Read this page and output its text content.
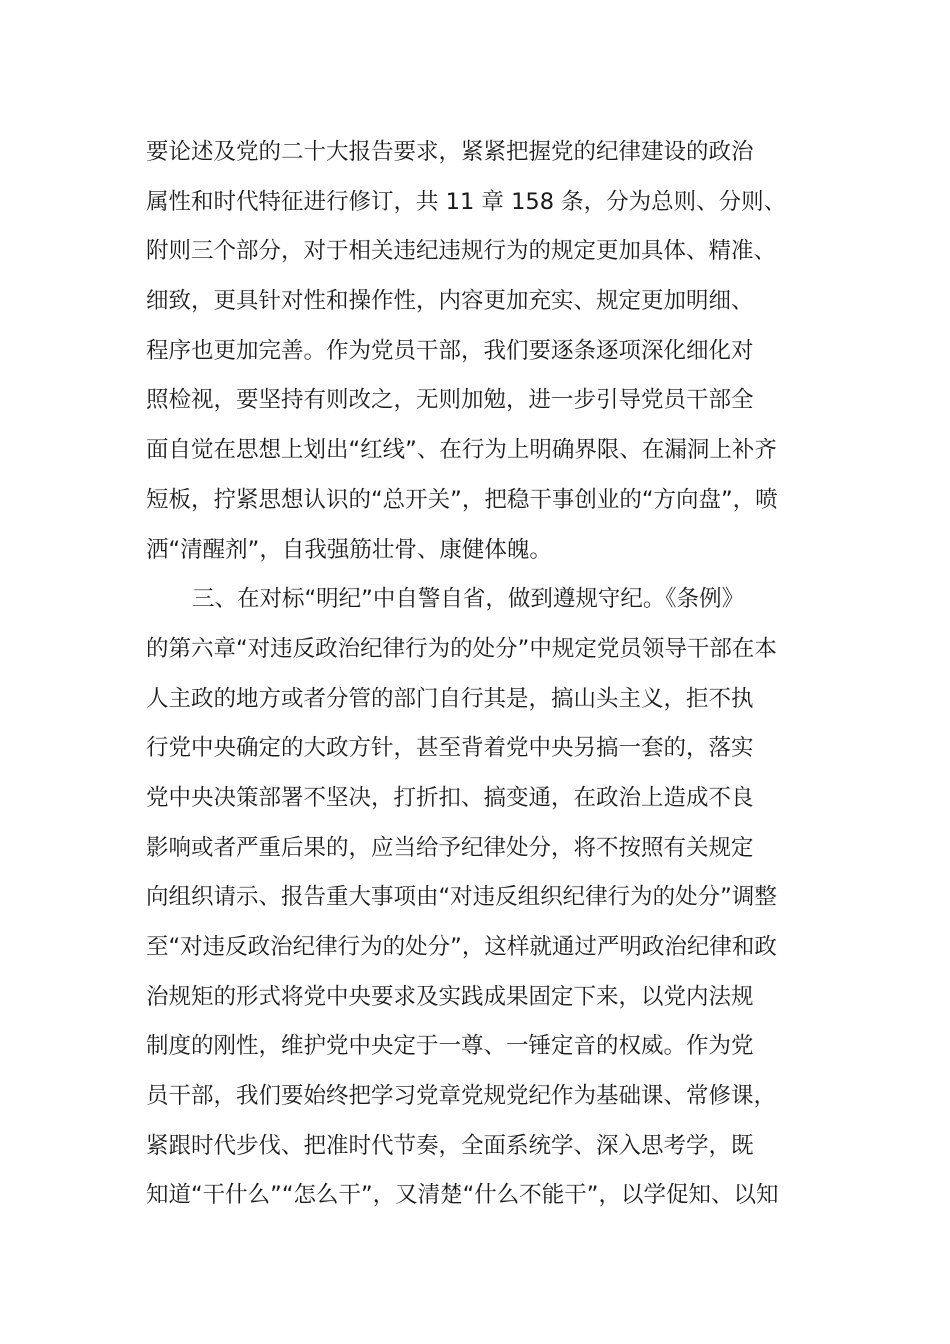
要论述及党的二十大报告要求，紧紧把握党的纪律建设的政治
属性和时代特征进行修订，共 11 章 158 条，分为总则、分则、
附则三个部分，对于相关违纪违规行为的规定更加具体、精准、
细致，更具针对性和操作性，内容更加充实、规定更加明细、
程序也更加完善。作为党员干部，我们要逐条逐项深化细化对
照检视，要坚持有则改之，无则加勉，进一步引导党员干部全
面自觉在思想上划出“红线”、在行为上明确界限、在漏洞上补齐
短板，拧紧思想认识的“总开关”，把稳干事创业的“方向盘”，喷
洒“清醒剂”，自我强筋壮骨、康健体魄。
三、在对标“明纪”中自警自省，做到遵规守纪。《条例》
的第六章“对违反政治纪律行为的处分”中规定党员领导干部在本
人主政的地方或者分管的部门自行其是，搞山头主义，拒不执
行党中央确定的大政方针，甚至背着党中央另搞一套的，落实
党中央决策部署不坚决，打折扣、搞变通，在政治上造成不良
影响或者严重后果的，应当给予纪律处分，将不按照有关规定
向组织请示、报告重大事项由“对违反组织纪律行为的处分”调整
至“对违反政治纪律行为的处分”，这样就通过严明政治纪律和政
治规矩的形式将党中央要求及实践成果固定下来，以党内法规
制度的刚性，维护党中央定于一尊、一锤定音的权威。作为党
员干部，我们要始终把学习党章党规党纪作为基础课、常修课，
紧跟时代步伐、把准时代节奏，全面系统学、深入思考学，既
知道“干什么”“怎么干”，又清楚“什么不能干”，以学促知、以知
